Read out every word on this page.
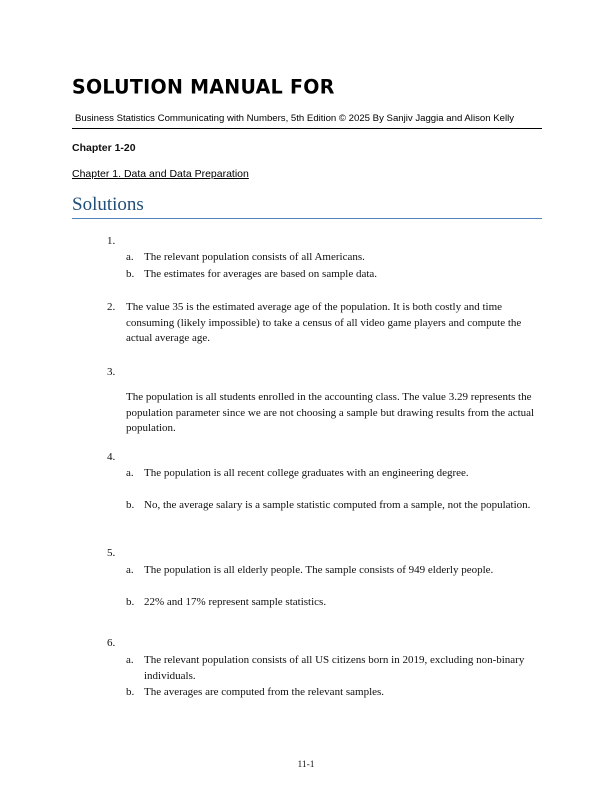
SOLUTION MANUAL FOR
Business Statistics Communicating with Numbers, 5th Edition © 2025 By Sanjiv Jaggia and Alison Kelly
Chapter 1-20
Chapter 1. Data and Data Preparation
Solutions
1.
a. The relevant population consists of all Americans.
b. The estimates for averages are based on sample data.
2. The value 35 is the estimated average age of the population. It is both costly and time consuming (likely impossible) to take a census of all video game players and compute the actual average age.
3.
The population is all students enrolled in the accounting class. The value 3.29 represents the population parameter since we are not choosing a sample but drawing results from the actual population.
4.
a. The population is all recent college graduates with an engineering degree.
b. No, the average salary is a sample statistic computed from a sample, not the population.
5.
a. The population is all elderly people. The sample consists of 949 elderly people.
b. 22% and 17% represent sample statistics.
6.
a. The relevant population consists of all US citizens born in 2019, excluding non-binary individuals.
b. The averages are computed from the relevant samples.
11-1
